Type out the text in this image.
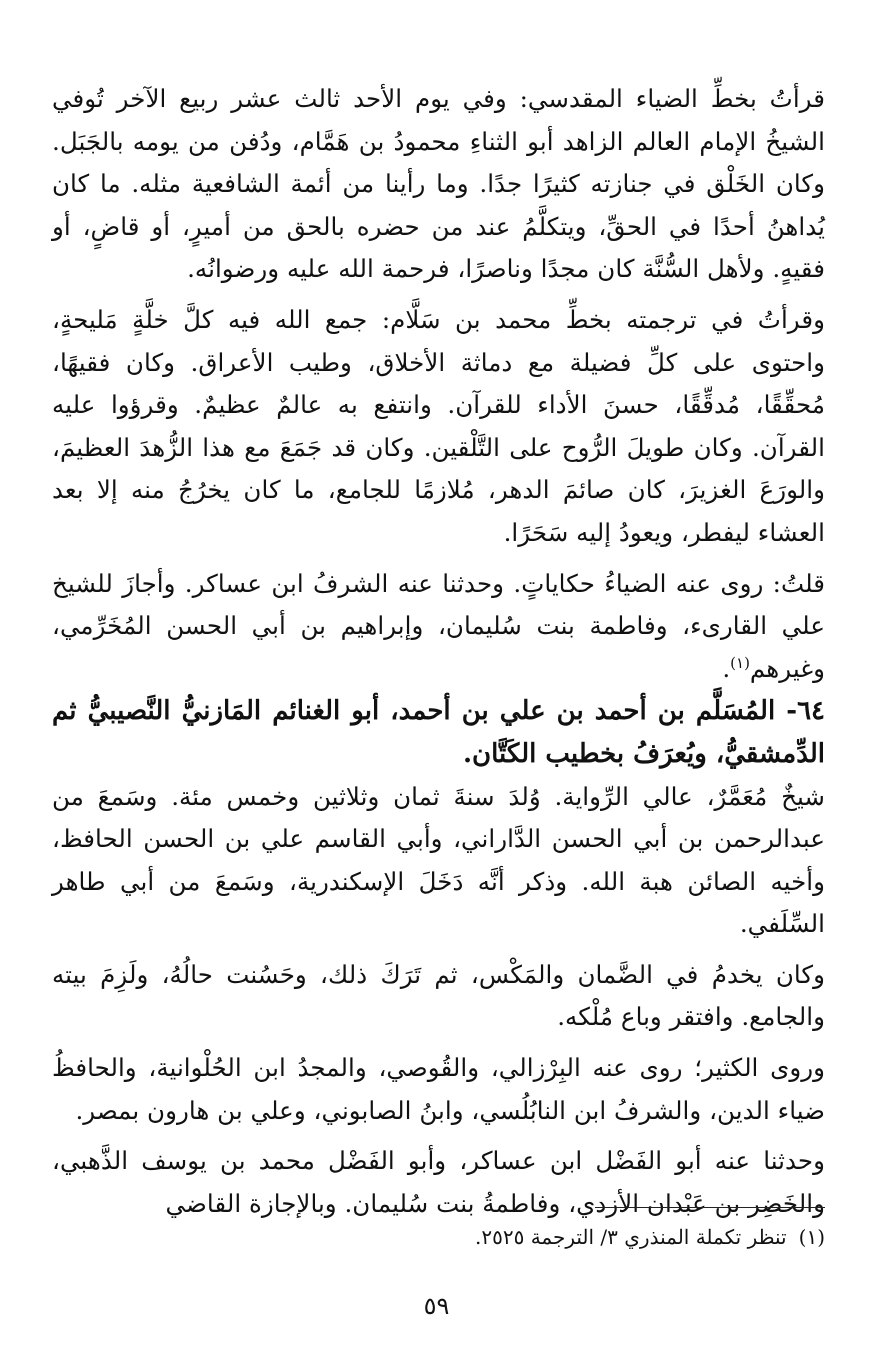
قرأتُ بخطِّ الضياء المقدسي: وفي يوم الأحد ثالث عشر ربيع الآخر تُوفي الشيخُ الإمام العالم الزاهد أبو الثناءِ محمودُ بن هَمَّام، ودُفن من يومه بالجَبَل. وكان الخَلْق في جنازته كثيرًا جدًا. وما رأينا من أئمة الشافعية مثله. ما كان يُداهنُ أحدًا في الحقِّ، ويتكلَّمُ عند من حضره بالحق من أميرٍ، أو قاضٍ، أو فقيهٍ. ولأهل السُّنَّة كان مجدًا وناصرًا، فرحمة الله عليه ورضوانُه.

وقرأتُ في ترجمته بخطِّ محمد بن سَلَّام: جمع الله فيه كلَّ خلَّةٍ مَليحةٍ، واحتوى على كلِّ فضيلة مع دماثة الأخلاق، وطيب الأعراق. وكان فقيهًا، مُحقِّقًا، مُدقِّقًا، حسنَ الأداء للقرآن. وانتفع به عالمٌ عظيمٌ. وقرؤوا عليه القرآن. وكان طويلَ الرُّوح على التَّلْقين. وكان قد جَمَعَ مع هذا الزُّهدَ العظيمَ، والورَعَ الغزيرَ، كان صائمَ الدهر، مُلازمًا للجامع، ما كان يخرُجُ منه إلا بعد العشاء ليفطر، ويعودُ إليه سَحَرًا.

قلتُ: روى عنه الضياءُ حكاياتٍ. وحدثنا عنه الشرفُ ابن عساكر. وأجازَ للشيخ علي القارىء، وفاطمة بنت سُليمان، وإبراهيم بن أبي الحسن المُخَرِّمي، وغيرهم$^{(١)}$.

٦٤- المُسَلَّم بن أحمد بن علي بن أحمد، أبو الغنائم المَازنيُّ النَّصيبيُّ ثم الدِّمشقيُّ، ويُعرَفُ بخطيب الكَتَّان.

شيخٌ مُعَمَّرٌ، عالي الرِّواية. وُلدَ سنةَ ثمان وثلاثين وخمس مئة. وسَمعَ من عبدالرحمن بن أبي الحسن الدَّاراني، وأبي القاسم علي بن الحسن الحافظ، وأخيه الصائن هبة الله. وذكر أنَّه دَخَلَ الإسكندرية، وسَمعَ من أبي طاهر السِّلَفي.

وكان يخدمُ في الضَّمان والمَكْس، ثم تَرَكَ ذلك، وحَسُنت حالُهُ، ولَزِمَ بيته والجامع. وافتقر وباع مُلْكه.

وروى الكثير؛ روى عنه البِرْزالي، والقُوصي، والمجدُ ابن الحُلْوانية، والحافظُ ضياء الدين، والشرفُ ابن النابُلُسي، وابنُ الصابوني، وعلي بن هارون بمصر.

وحدثنا عنه أبو الفَضْل ابن عساكر، وأبو الفَضْل محمد بن يوسف الذَّهبي، والخَضِر بن عَبْدان الأزدي، وفاطمةُ بنت سُليمان. وبالإجازة القاضي

(١)تنظر تكملة المنذري ٣/ الترجمة ٢٥٢٥.
٥٩
